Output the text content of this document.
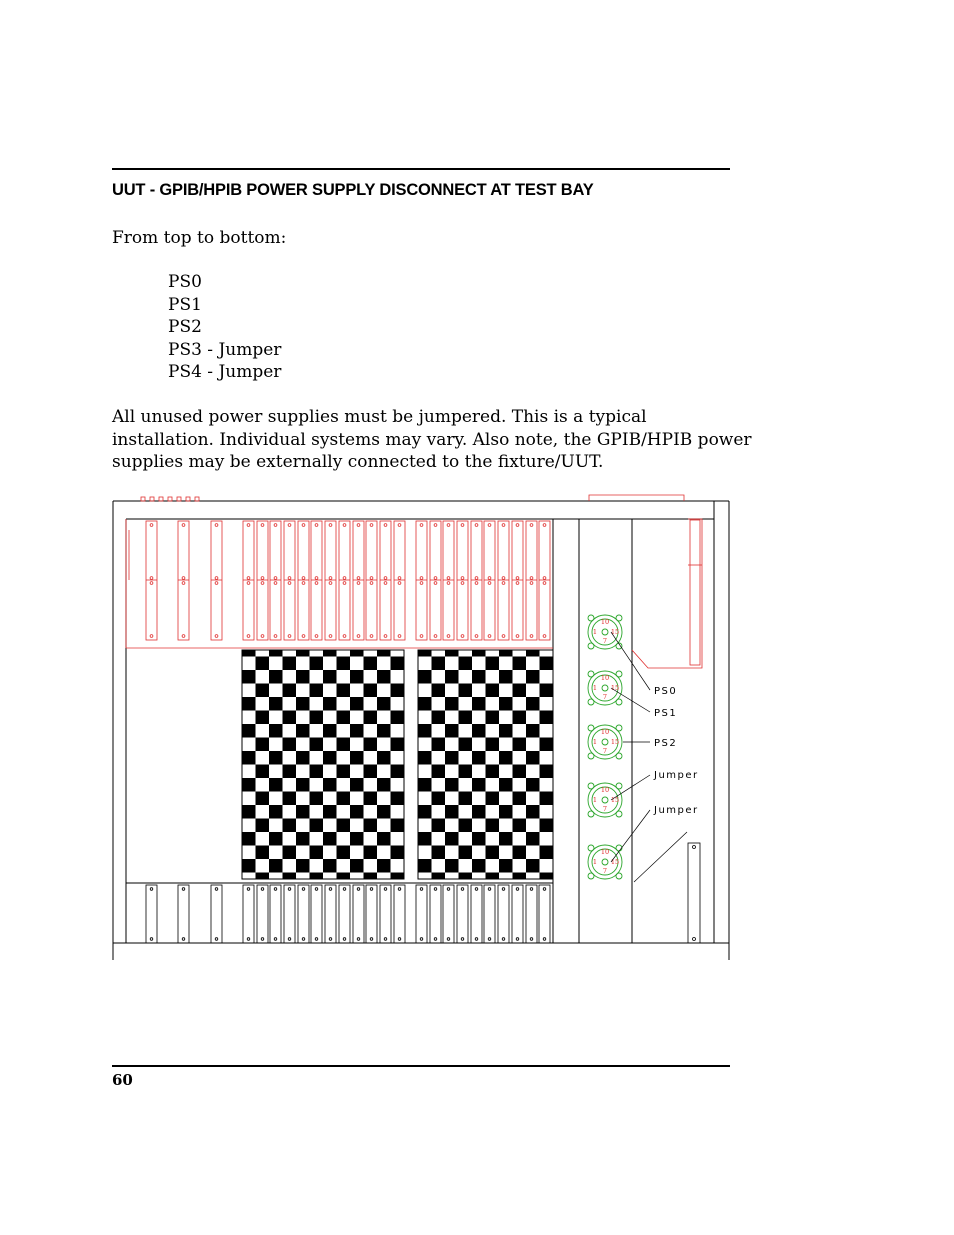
UUT - GPIB/HPIB POWER SUPPLY DISCONNECT AT TEST BAY
From top to bottom:
PS0
PS1
PS2
PS3 - Jumper
PS4 - Jumper
All unused power supplies must be jumpered. This is a typical installation. Individual systems may vary. Also note, the GPIB/HPIB power supplies may be externally connected to the fixture/UUT.
10
1 15
7
10
1 15
7
10
1 15
7
10
1 15
7
10
1 15
7
PS0
PS1
PS2
Jumper
Jumper
60
